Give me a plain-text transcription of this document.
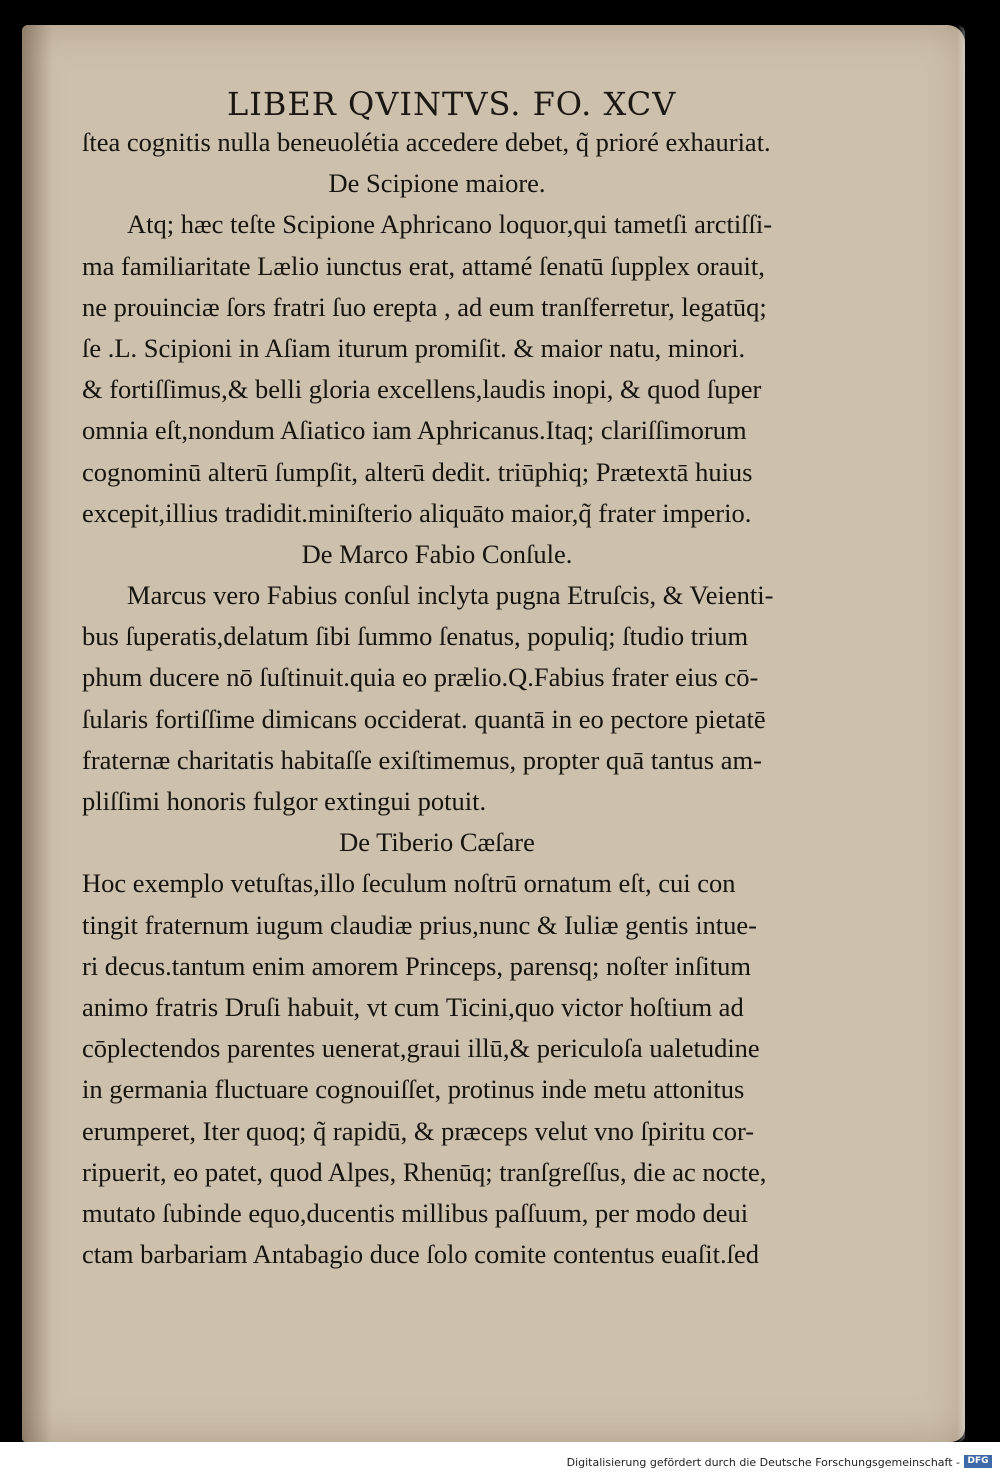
LIBER QVINTVS. FO. XCV
ſtea cognitis nulla beneuolétia accedere debet, q̃ prioré exhauriat.
De Scipione maiore.
Atq; hæc teſte Scipione Aphricano loquor,qui tametſi arctiſſi-
ma familiaritate Lælio iunctus erat, attamé ſenatū ſupplex orauit,
ne prouinciæ ſors fratri ſuo erepta , ad eum tranſferretur, legatūq;
ſe .L. Scipioni in Aſiam iturum promiſit. & maior natu, minori.
& fortiſſimus,& belli gloria excellens,laudis inopi, & quod ſuper
omnia eſt,nondum Aſiatico iam Aphricanus.Itaq; clariſſimorum
cognominū alterū ſumpſit, alterū dedit. triūphiq; Prætextā huius
excepit,illius tradidit.miniſterio aliquāto maior,q̃ frater imperio.
De Marco Fabio Conſule.
Marcus vero Fabius conſul inclyta pugna Etruſcis, & Veienti-
bus ſuperatis,delatum ſibi ſummo ſenatus, populiq; ſtudio trium
phum ducere nō ſuſtinuit.quia eo prælio.Q.Fabius frater eius cō-
ſularis fortiſſime dimicans occiderat. quantā in eo pectore pietatē
fraternæ charitatis habitaſſe exiſtimemus, propter quā tantus am-
pliſſimi honoris fulgor extingui potuit.
De Tiberio Cæſare
Hoc exemplo vetuſtas,illo ſeculum noſtrū ornatum eſt, cui con
tingit fraternum iugum claudiæ prius,nunc & Iuliæ gentis intue-
ri decus.tantum enim amorem Princeps, parensq; noſter inſitum
animo fratris Druſi habuit, vt cum Ticini,quo victor hoſtium ad
cōplectendos parentes uenerat,graui illū,& periculoſa ualetudine
in germania fluctuare cognouiſſet, protinus inde metu attonitus
erumperet, Iter quoq; q̃ rapidū, & præceps velut vno ſpiritu cor-
ripuerit, eo patet, quod Alpes, Rhenūq; tranſgreſſus, die ac nocte,
mutato ſubinde equo,ducentis millibus paſſuum, per modo deui
ctam barbariam Antabagio duce ſolo comite contentus euaſit.ſed
Digitalisierung gefördert durch die Deutsche Forschungsgemeinschaft - DFG
